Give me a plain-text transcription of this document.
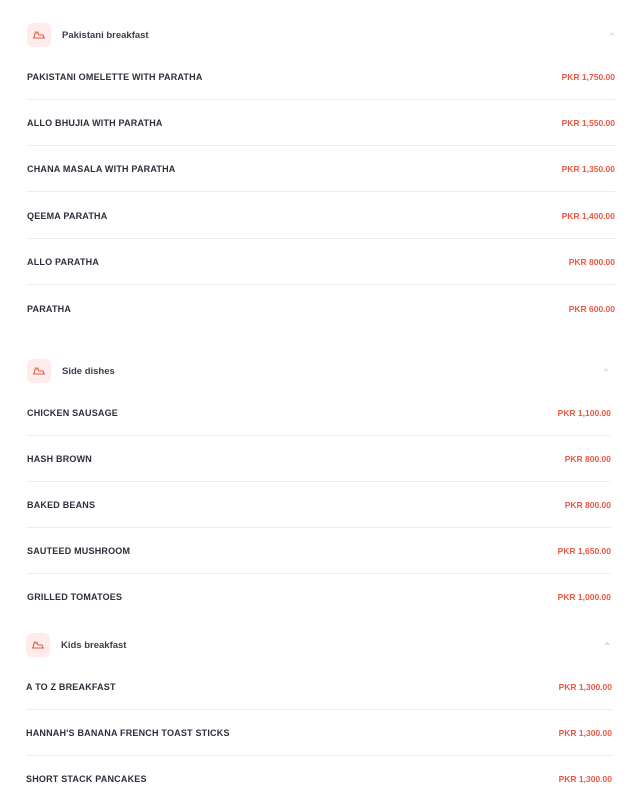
Pakistani breakfast
PAKISTANI OMELETTE WITH PARATHA	PKR 1,750.00
ALLO BHUJIA WITH PARATHA	PKR 1,550.00
CHANA MASALA WITH PARATHA	PKR 1,350.00
QEEMA PARATHA	PKR 1,400.00
ALLO PARATHA	PKR 800.00
PARATHA	PKR 600.00
Side dishes
CHICKEN SAUSAGE	PKR 1,100.00
HASH BROWN	PKR 800.00
BAKED BEANS	PKR 800.00
SAUTEED MUSHROOM	PKR 1,650.00
GRILLED TOMATOES	PKR 1,000.00
Kids breakfast
A TO Z BREAKFAST	PKR 1,300.00
HANNAH'S BANANA FRENCH TOAST STICKS	PKR 1,300.00
SHORT STACK PANCAKES	PKR 1,300.00
